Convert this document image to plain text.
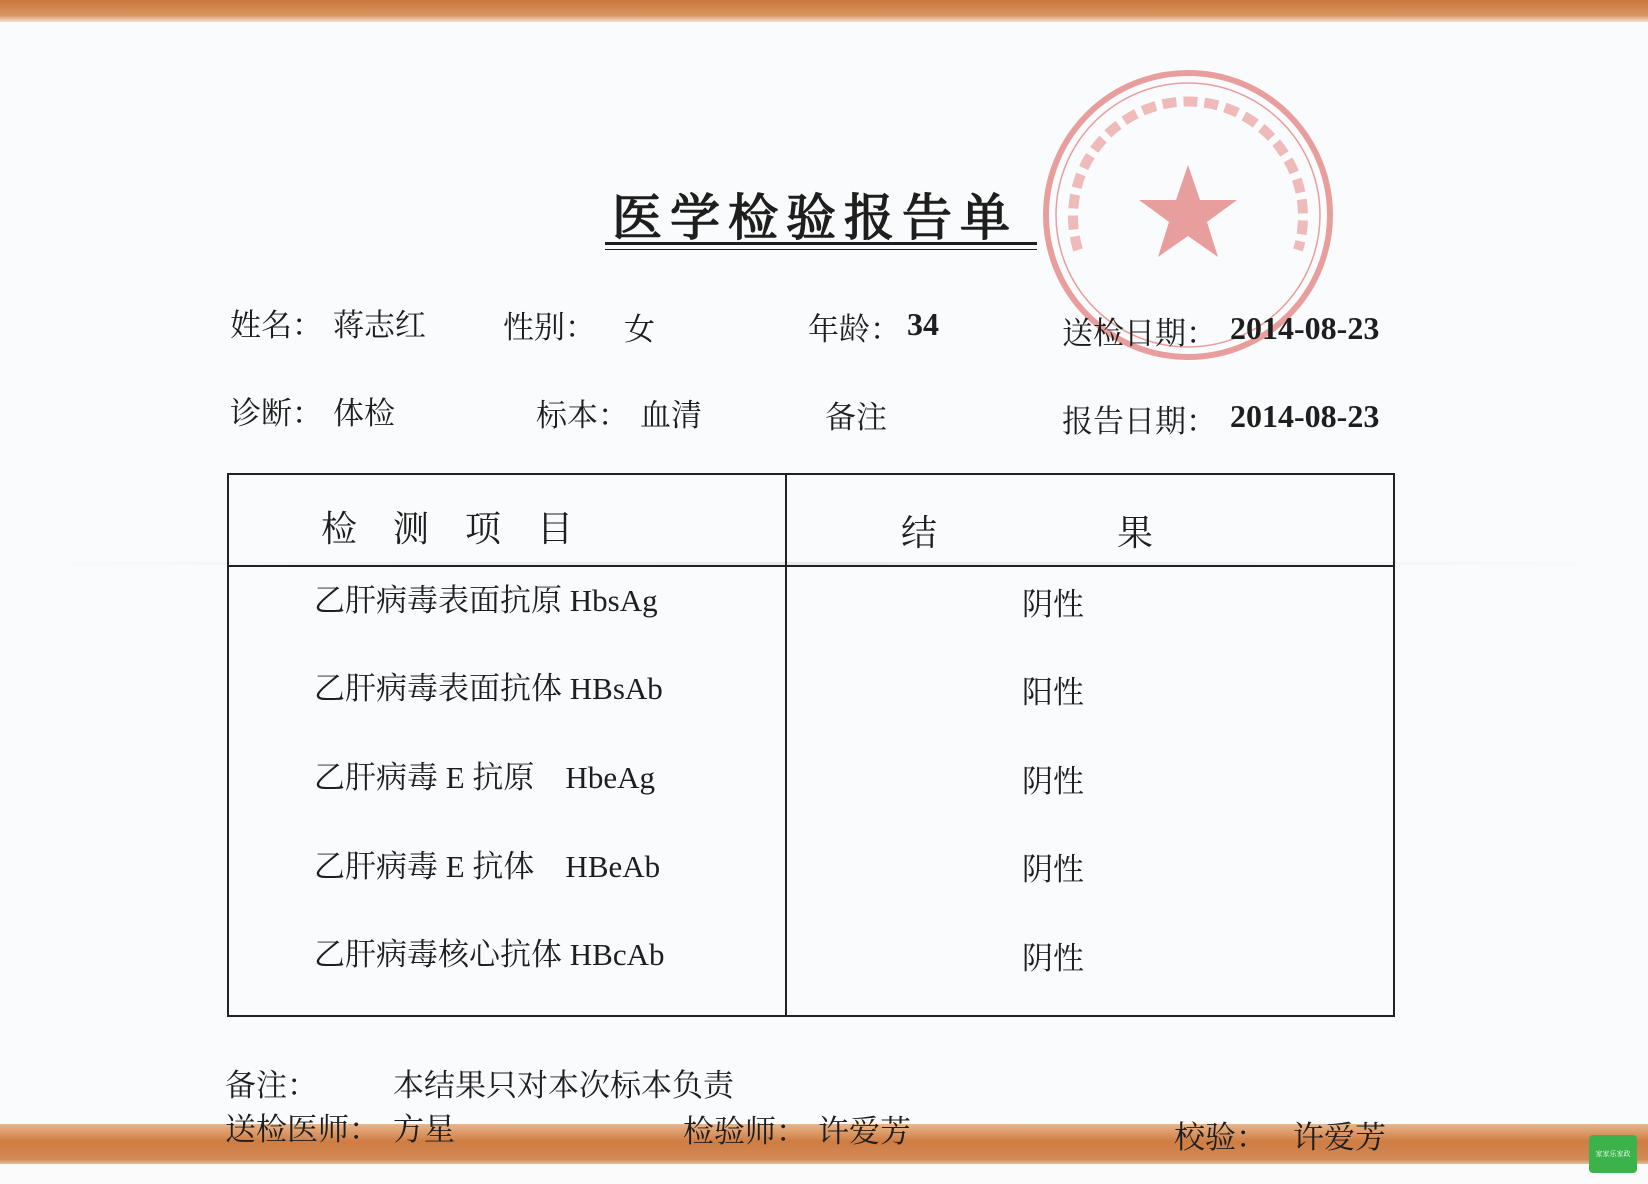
医学检验报告单
姓名： 蒋志红 性别： 女	年龄： 34	送检日期： 2014-08-23
诊断： 体检	标本： 血清	备注	报告日期： 2014-08-23
检　测　项　目	结　　　　　果
乙肝病毒表面抗原 HbsAg	阴性
乙肝病毒表面抗体 HBsAb	阳性
乙肝病毒 E 抗原　HbeAg	阴性
乙肝病毒 E 抗体　HBeAb	阴性
乙肝病毒核心抗体 HBcAb	阴性
备注： 本结果只对本次标本负责
送检医师： 方星	检验师： 许爱芳	校验： 许爱芳	家家乐家政
